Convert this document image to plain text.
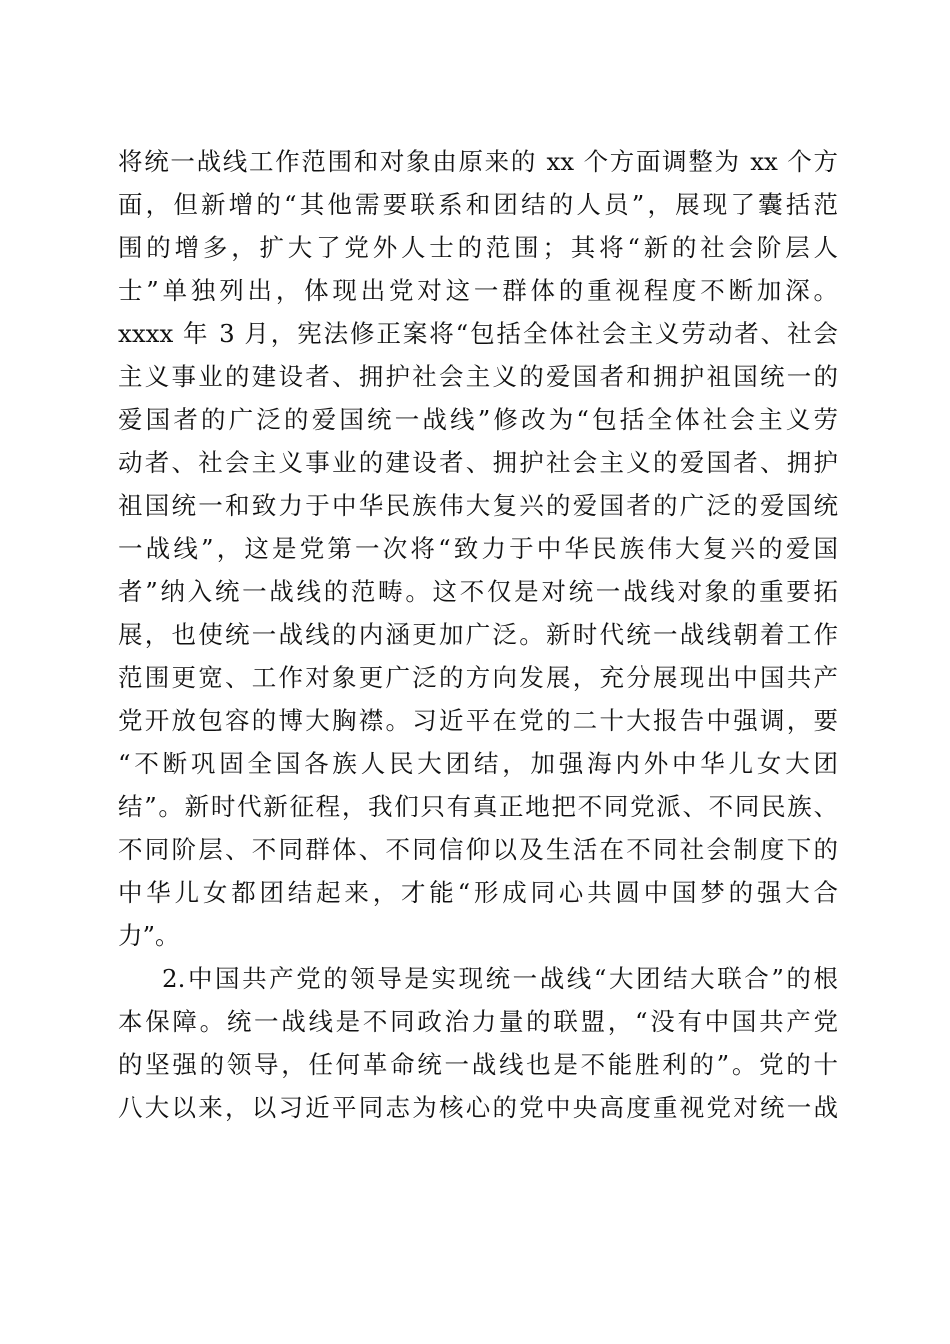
将统一战线工作范围和对象由原来的 xx 个方面调整为 xx 个方
面，但新增的“其他需要联系和团结的人员”，展现了囊括范
围的增多，扩大了党外人士的范围；其将“新的社会阶层人
士”单独列出，体现出党对这一群体的重视程度不断加深。
xxxx 年 3 月，宪法修正案将“包括全体社会主义劳动者、社会
主义事业的建设者、拥护社会主义的爱国者和拥护祖国统一的
爱国者的广泛的爱国统一战线”修改为“包括全体社会主义劳
动者、社会主义事业的建设者、拥护社会主义的爱国者、拥护
祖国统一和致力于中华民族伟大复兴的爱国者的广泛的爱国统
一战线”，这是党第一次将“致力于中华民族伟大复兴的爱国
者”纳入统一战线的范畴。这不仅是对统一战线对象的重要拓
展，也使统一战线的内涵更加广泛。新时代统一战线朝着工作
范围更宽、工作对象更广泛的方向发展，充分展现出中国共产
党开放包容的博大胸襟。习近平在党的二十大报告中强调，要
“不断巩固全国各族人民大团结，加强海内外中华儿女大团
结”。新时代新征程，我们只有真正地把不同党派、不同民族、
不同阶层、不同群体、不同信仰以及生活在不同社会制度下的
中华儿女都团结起来，才能“形成同心共圆中国梦的强大合
力”。
2.中国共产党的领导是实现统一战线“大团结大联合”的根
本保障。统一战线是不同政治力量的联盟，“没有中国共产党
的坚强的领导，任何革命统一战线也是不能胜利的”。党的十
八大以来，以习近平同志为核心的党中央高度重视党对统一战
